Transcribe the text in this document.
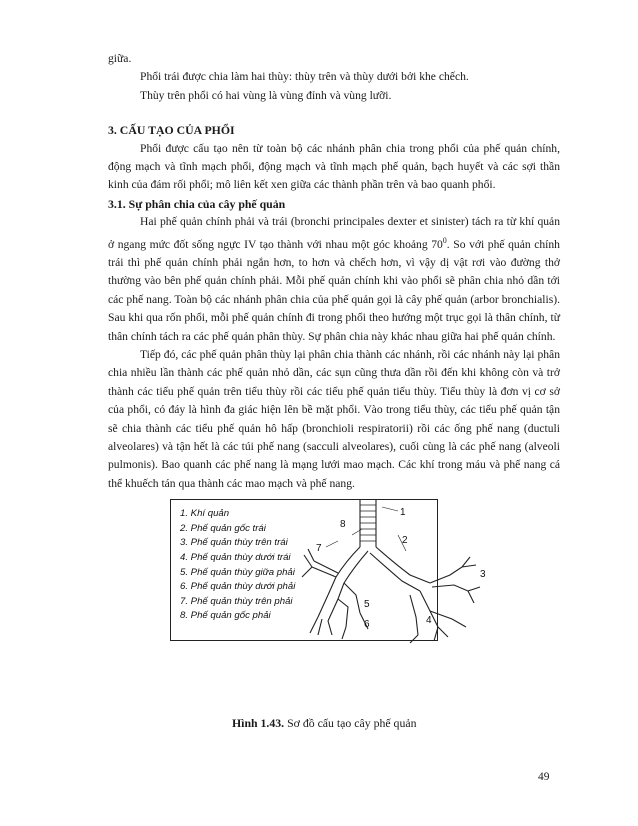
giữa.

Phổi trái được chia làm hai thùy: thùy trên và thùy dưới bởi khe chếch.

Thùy trên phổi có hai vùng là vùng đỉnh và vùng lưỡi.

3. CẤU TẠO CỦA PHỔI

Phổi được cấu tạo nên từ toàn bộ các nhánh phân chia trong phổi của phế quản chính, động mạch và tĩnh mạch phổi, động mạch và tĩnh mạch phế quản, bạch huyết và các sợi thần kinh của đám rối phổi; mô liên kết xen giữa các thành phần trên và bao quanh phổi.

3.1. Sự phân chia của cây phế quản

Hai phế quản chính phải và trái (bronchi principales dexter et sinister) tách ra từ khí quản ở ngang mức đốt sống ngực IV tạo thành với nhau một góc khoảng $70^0$. So với phế quản chính trái thì phế quản chính phải ngắn hơn, to hơn và chếch hơn, vì vậy dị vật rơi vào đường thở thường vào bên phế quản chính phải. Mỗi phế quản chính khi vào phổi sẽ phân chia nhỏ dần tới các phế nang. Toàn bộ các nhánh phân chia của phế quản gọi là cây phế quản (arbor bronchialis). Sau khi qua rốn phổi, mỗi phế quản chính đi trong phổi theo hướng một trục gọi là thân chính, từ thân chính tách ra các phế quản phân thùy. Sự phân chia này khác nhau giữa hai phế quản chính.

Tiếp đó, các phế quản phân thùy lại phân chia thành các nhánh, rồi các nhánh này lại phân chia nhiều lần thành các phế quản nhỏ dần, các sụn cũng thưa dần rồi đến khi không còn và trở thành các tiểu phế quản trên tiểu thùy rồi các tiểu phế quản tiểu thùy. Tiểu thùy là đơn vị cơ sở của phổi, có đáy là hình đa giác hiện lên bề mặt phổi. Vào trong tiểu thùy, các tiểu phế quản tận sẽ chia thành các tiểu phế quản hô hấp (bronchioli respiratorii) rồi các ống phế nang (ductuli alveolares) và tận hết là các túi phế nang (sacculi alveolares), cuối cùng là các phế nang (alveoli pulmonis). Bao quanh các phế nang là mạng lưới mao mạch. Các khí trong máu và phế nang cá thể khuếch tán qua thành các mao mạch và phế nang.

1. Khí quản
2. Phế quản gốc trái
3. Phế quản thùy trên trái
4. Phế quản thùy dưới trái
5. Phế quản thùy giữa phải
6. Phế quản thùy dưới phải
7. Phế quản thùy trên phải
8. Phế quản gốc phải
1
2
3
4
5
6
7
8
Hình 1.43. Sơ đồ cấu tạo cây phế quản
49
